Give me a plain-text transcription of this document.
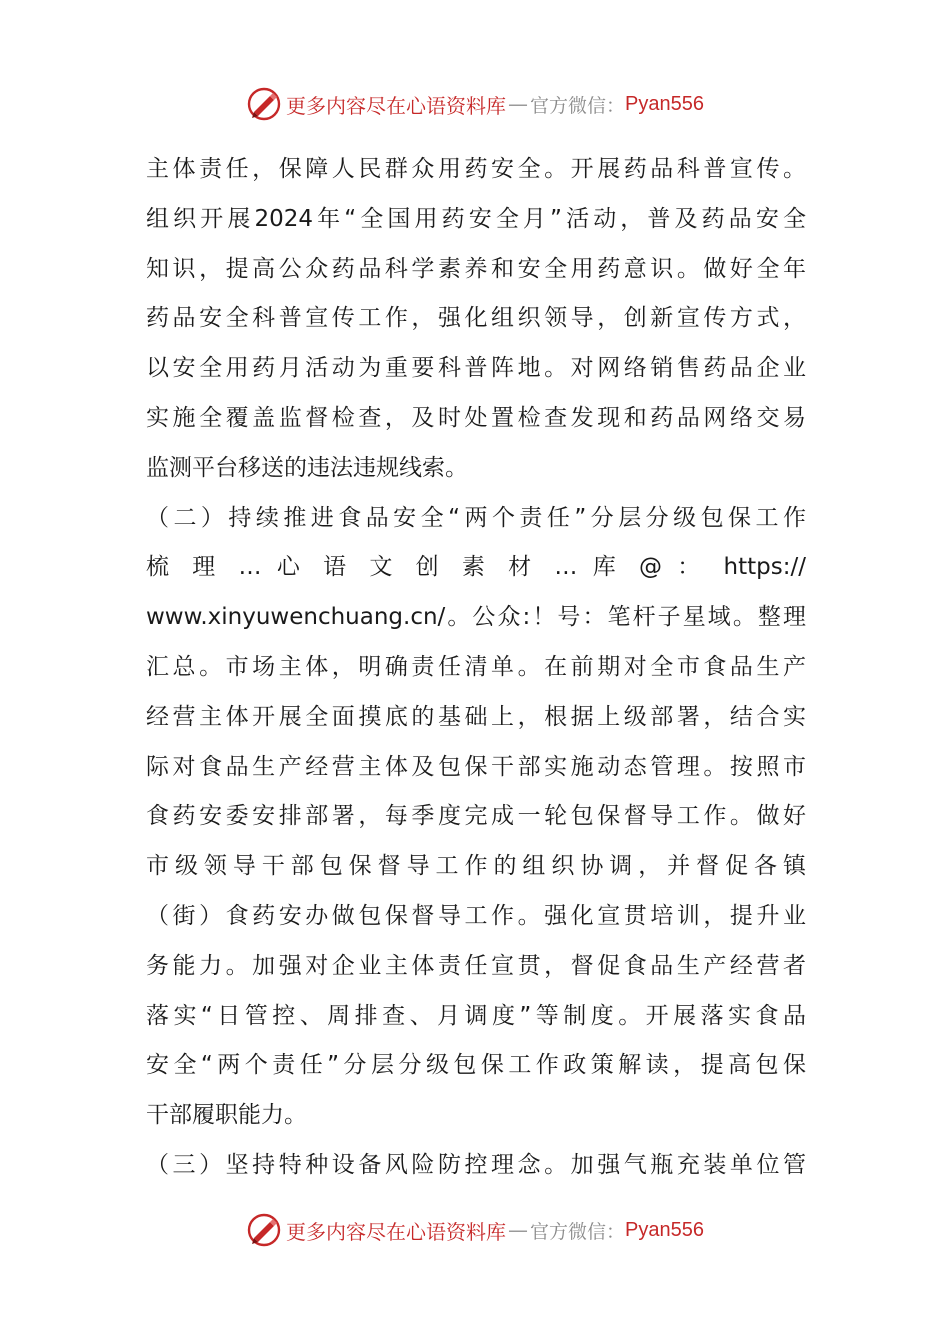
更多内容尽在心语资料库 — 官方微信： Pyan556
主体责任，保障人民群众用药安全。开展药品科普宣传。
组织开展2024年“全国用药安全月”活动，普及药品安全
知识，提高公众药品科学素养和安全用药意识。做好全年
药品安全科普宣传工作，强化组织领导，创新宣传方式，
以安全用药月活动为重要科普阵地。对网络销售药品企业
实施全覆盖监督检查，及时处置检查发现和药品网络交易
监测平台移送的违法违规线索。
（二）持续推进食品安全“两个责任”分层分级包保工作
梳 理 … 心 语 文 创 素 材 … 库 @ ： https://
www.xinyuwenchuang.cn/。公众:！号：笔杆子星域。整理
汇总。市场主体，明确责任清单。在前期对全市食品生产
经营主体开展全面摸底的基础上，根据上级部署，结合实
际对食品生产经营主体及包保干部实施动态管理。按照市
食药安委安排部署，每季度完成一轮包保督导工作。做好
市级领导干部包保督导工作的组织协调，并督促各镇
（街）食药安办做包保督导工作。强化宣贯培训，提升业
务能力。加强对企业主体责任宣贯，督促食品生产经营者
落实“日管控、周排查、月调度”等制度。开展落实食品
安全“两个责任”分层分级包保工作政策解读，提高包保
干部履职能力。
（三）坚持特种设备风险防控理念。加强气瓶充装单位管
更多内容尽在心语资料库 — 官方微信： Pyan556
